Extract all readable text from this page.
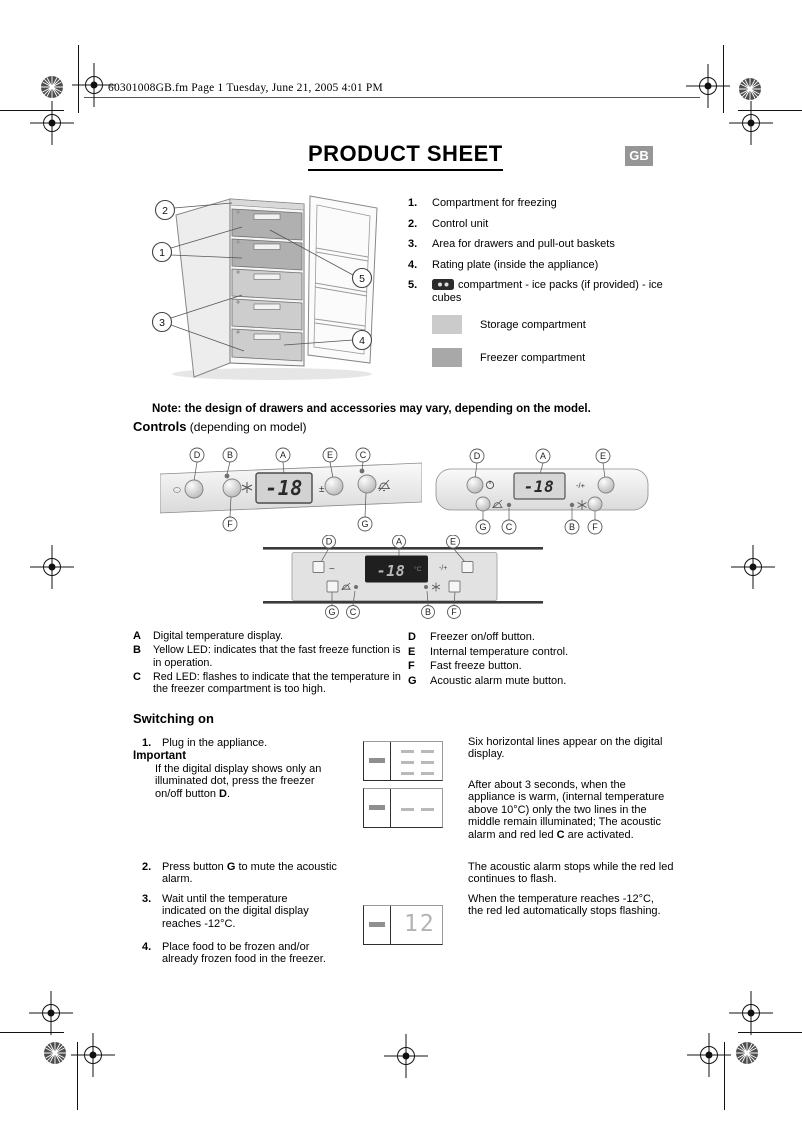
60301008GB.fm Page 1 Tuesday, June 21, 2005 4:01 PM
PRODUCT SHEET	GB
2
1
3
5
4
1.	Compartment for freezing
2.	Control unit
3.	Area for drawers and pull-out baskets
4.	Rating plate (inside the appliance)
5.	compartment - ice packs (if provided) - ice cubes
Storage compartment
Freezer compartment
Note: the design of drawers and accessories may vary, depending on the model.
Controls (depending on model)
-18 ±
D	B	A	E	C
F	G
-18	-/+
D	A	E
G C	B F
-18 °C
~	-/+
D	A	E
G C	B F
A	Digital temperature display.
B	Yellow LED: indicates that the fast freeze function is in operation.
C	Red LED: flashes to indicate that the temperature in the freezer compartment is too high.
D	Freezer on/off button.
E	Internal temperature control.
F	Fast freeze button.
G	Acoustic alarm mute button.
Switching on
1. Plug in the appliance.
Important
If the digital display shows only an illuminated dot, press the freezer on/off button D.
2. Press button G to mute the acoustic alarm.
3. Wait until the temperature indicated on the digital display reaches -12°C.
4. Place food to be frozen and/or already frozen food in the freezer.
12
Six horizontal lines appear on the digital display.
After about 3 seconds, when the appliance is warm, (internal temperature above 10°C) only the two lines in the middle remain illuminated; The acoustic alarm and red led C are activated.
The acoustic alarm stops while the red led continues to flash.
When the temperature reaches -12°C, the red led automatically stops flashing.
